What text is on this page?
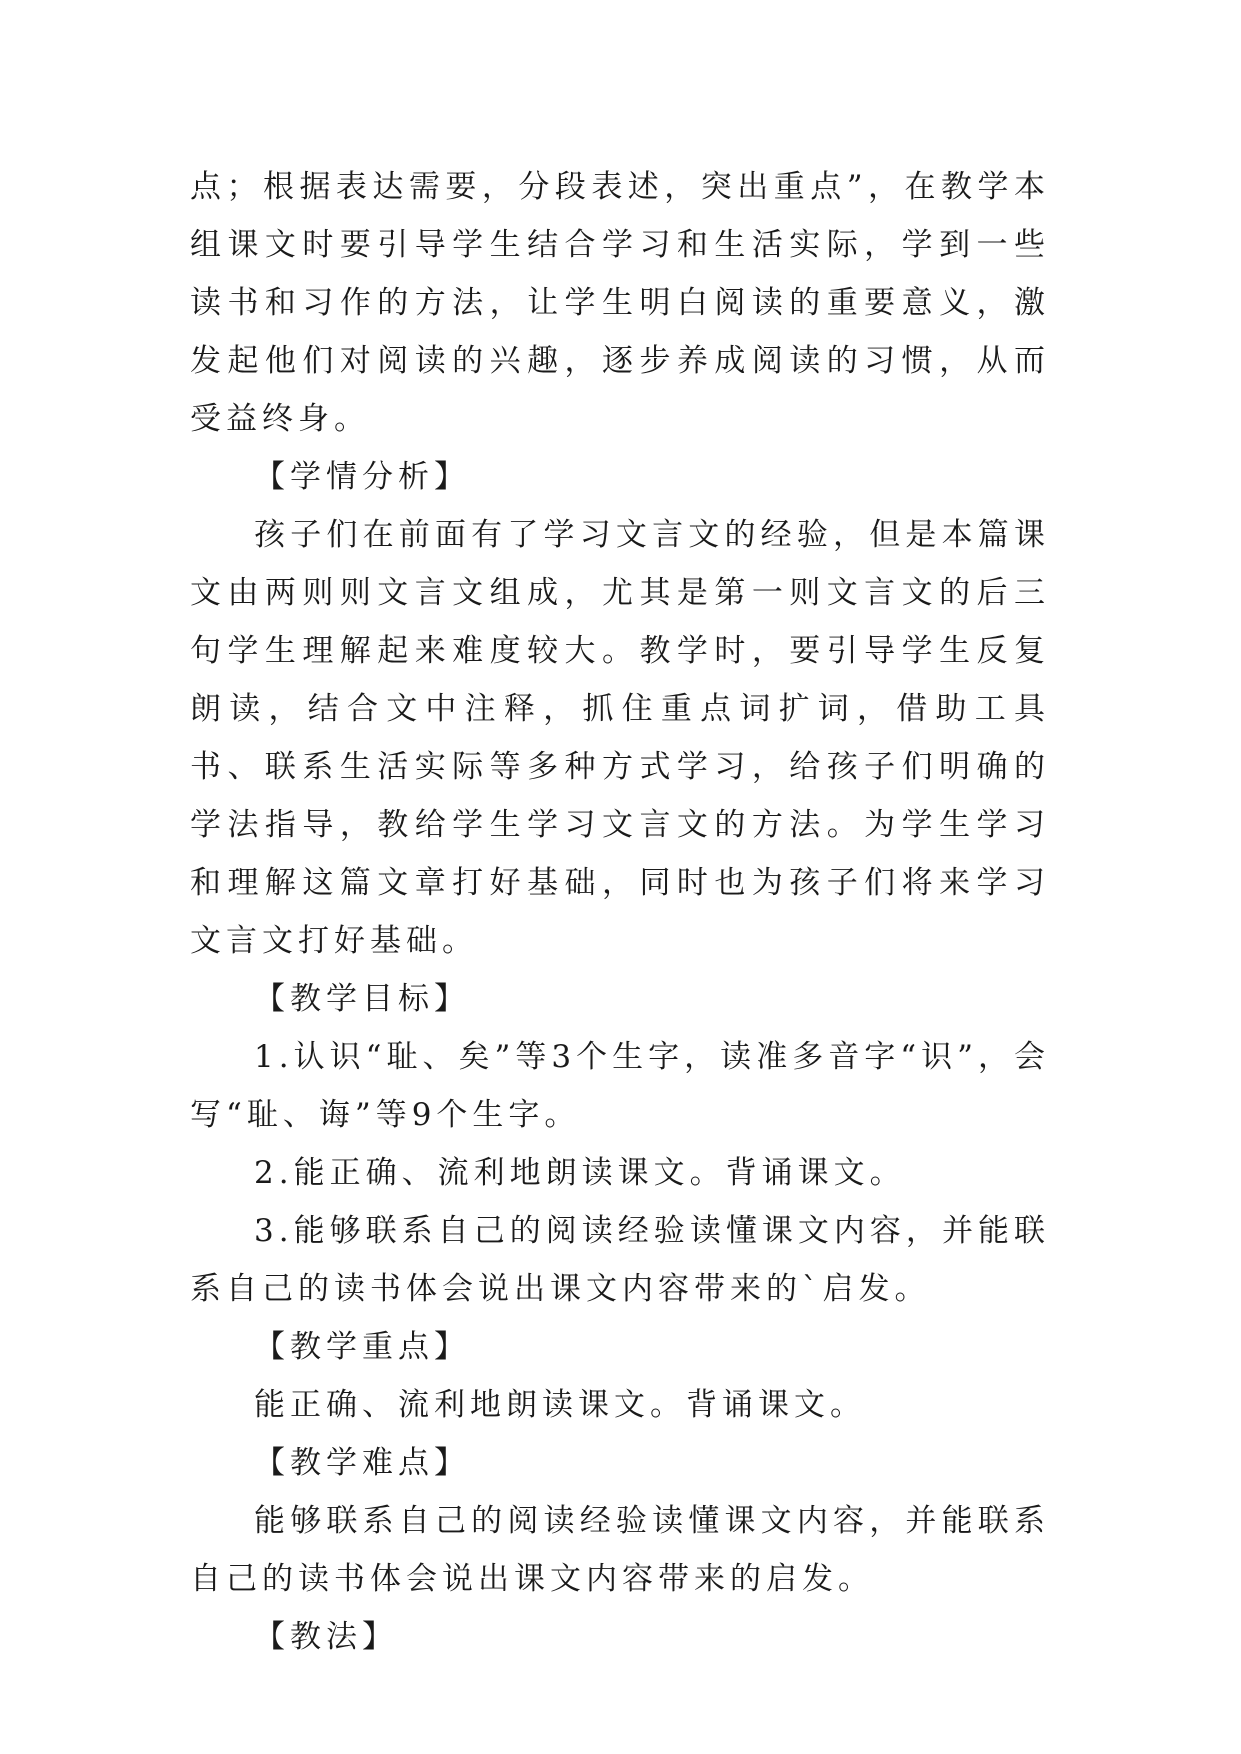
点；根据表达需要，分段表述，突出重点”，在教学本组课文时要引导学生结合学习和生活实际，学到一些读书和习作的方法，让学生明白阅读的重要意义，激发起他们对阅读的兴趣，逐步养成阅读的习惯，从而受益终身。

【学情分析】

孩子们在前面有了学习文言文的经验，但是本篇课文由两则则文言文组成，尤其是第一则文言文的后三句学生理解起来难度较大。教学时，要引导学生反复朗读，结合文中注释，抓住重点词扩词，借助工具书、联系生活实际等多种方式学习，给孩子们明确的学法指导，教给学生学习文言文的方法。为学生学习和理解这篇文章打好基础，同时也为孩子们将来学习文言文打好基础。

【教学目标】

1.认识“耻、矣”等3个生字，读准多音字“识”，会写“耻、诲”等9个生字。

2.能正确、流利地朗读课文。背诵课文。

3.能够联系自己的阅读经验读懂课文内容，并能联系自己的读书体会说出课文内容带来的`启发。

【教学重点】

能正确、流利地朗读课文。背诵课文。

【教学难点】

能够联系自己的阅读经验读懂课文内容，并能联系自己的读书体会说出课文内容带来的启发。

【教法】
